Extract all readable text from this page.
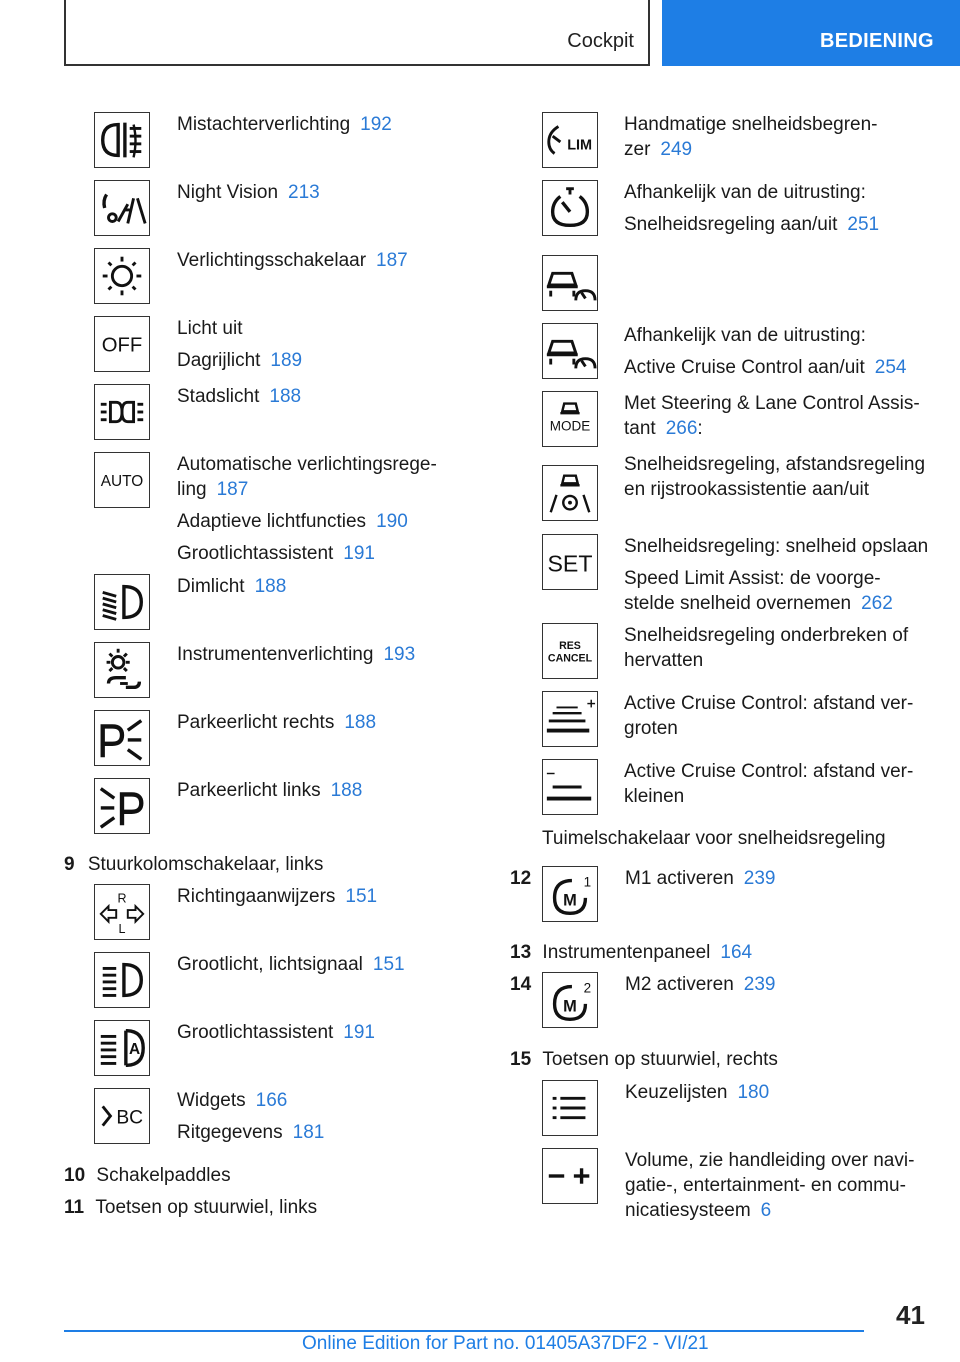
Cockpit	BEDIENING

Mistachterverlichting 192

Night Vision 213

Verlichtingsschakelaar 187

OFF

Licht uit

Dagrijlicht 189

Stadslicht 188

AUTO

Automatische verlichtingsrege-

ling 187

Adaptieve lichtfuncties 190

Grootlichtassistent 191

Dimlicht 188

Instrumentenverlichting 193

Parkeerlicht rechts 188

Parkeerlicht links 188

9 Stuurkolomschakelaar, links
R
L

Richtingaanwijzers 151

Grootlicht, lichtsignaal 151

A

Grootlichtassistent 191

BC

Widgets 166

Ritgegevens 181

10 Schakelpaddles
11 Toetsen op stuurwiel, links
LIM

Handmatige snelheidsbegren-

zer 249

Afhankelijk van de uitrusting:

Snelheidsregeling aan/uit 251

Afhankelijk van de uitrusting:

Active Cruise Control aan/uit 254

MODE

Met Steering & Lane Control Assis-

tant 266:

Snelheidsregeling, afstandsregeling

en rijstrookassistentie aan/uit

SET

Snelheidsregeling: snelheid opslaan

Speed Limit Assist: de voorge-

stelde snelheid overnemen 262

RES
CANCEL

Snelheidsregeling onderbreken of

hervatten

Active Cruise Control: afstand ver-

groten

Active Cruise Control: afstand ver-

kleinen

Tuimelschakelaar voor snelheidsregeling
12
M
1 M1 activeren 239

13 Instrumentenpaneel 164
14
M
2 M2 activeren 239

15 Toetsen op stuurwiel, rechts

Keuzelijsten 180

Volume, zie handleiding over navi-

gatie-, entertainment- en commu-

nicatiesysteem 6

41
Online Edition for Part no. 01405A37DF2 - VI/21
